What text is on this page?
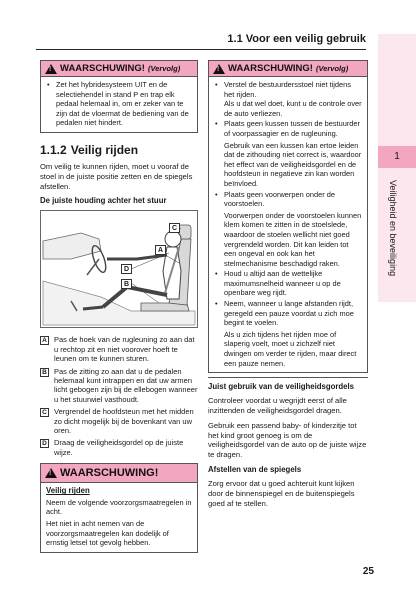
1.1 Voor een veilig gebruik
1
Veiligheid en beveiliging
!
WAARSCHUWING! (Vervolg)
• Zet het hybridesysteem UIT en de selectiehendel in stand P en trap elk pedaal helemaal in, om er zeker van te zijn dat de vloermat de bediening van de pedalen niet hindert.
1.1.2 Veilig rijden
Om veilig te kunnen rijden, moet u vooraf de stoel in de juiste positie zetten en de spiegels afstellen.
De juiste houding achter het stuur
C
A
D
B
A Pas de hoek van de rugleuning zo aan dat u rechtop zit en niet voorover hoeft te leunen om te kunnen sturen.
B Pas de zitting zo aan dat u de pedalen helemaal kunt intrappen en dat uw armen licht gebogen zijn bij de ellebogen wanneer u het stuurwiel vasthoudt.
C Vergrendel de hoofdsteun met het midden zo dicht mogelijk bij de bovenkant van uw oren.
D Draag de veiligheidsgordel op de juiste wijze.
!
WAARSCHUWING!
Veilig rijden
Neem de volgende voorzorgsmaatregelen in acht.
Het niet in acht nemen van de voorzorgsmaatregelen kan dodelijk of ernstig letsel tot gevolg hebben.
!
WAARSCHUWING! (Vervolg)
• Verstel de bestuurdersstoel niet tijdens het rijden.
Als u dat wel doet, kunt u de controle over de auto verliezen.
• Plaats geen kussen tussen de bestuurder of voorpassagier en de rugleuning.
Gebruik van een kussen kan ertoe leiden dat de zithouding niet correct is, waardoor het effect van de veiligheidsgordel en de hoofdsteun in negatieve zin kan worden beïnvloed.
• Plaats geen voorwerpen onder de voorstoelen.
Voorwerpen onder de voorstoelen kunnen klem komen te zitten in de stoelslede, waardoor de stoelen wellicht niet goed vergrendeld worden. Dit kan leiden tot een ongeval en ook kan het stelmechanisme beschadigd raken.
• Houd u altijd aan de wettelijke maximumsnelheid wanneer u op de openbare weg rijdt.
• Neem, wanneer u lange afstanden rijdt, geregeld een pauze voordat u zich moe begint te voelen.
Als u zich tijdens het rijden moe of slaperig voelt, moet u zichzelf niet dwingen om verder te rijden, maar direct een pauze nemen.
Juist gebruik van de veiligheidsgordels
Controleer voordat u wegrijdt eerst of alle inzittenden de veiligheidsgordel dragen.
Gebruik een passend baby- of kinderzitje tot het kind groot genoeg is om de veiligheidsgordel van de auto op de juiste wijze te dragen.
Afstellen van de spiegels
Zorg ervoor dat u goed achteruit kunt kijken door de binnenspiegel en de buitenspiegels goed af te stellen.
25
